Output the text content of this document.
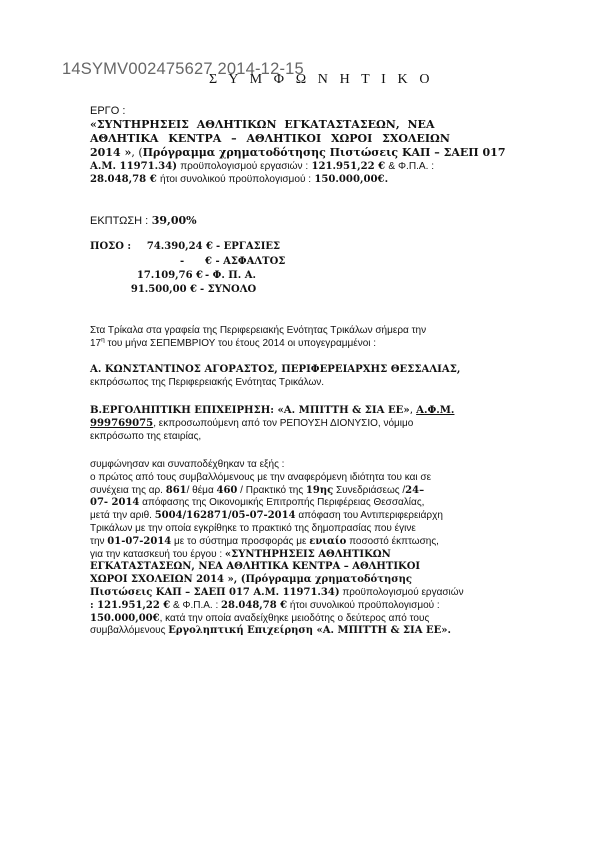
14SYMV002475627 2014-12-15
Σ Υ Μ Φ Ω Ν Η Τ Ι Κ Ο
ΕΡΓΟ :
«ΣΥΝΤΗΡΗΣΕΙΣ ΑΘΛΗΤΙΚΩΝ ΕΓΚΑΤΑΣΤΑΣΕΩΝ, ΝΕΑ
ΑΘΛΗΤΙΚΑ ΚΕΝΤΡΑ – ΑΘΛΗΤΙΚΟΙ ΧΩΡΟΙ ΣΧΟΛΕΙΩΝ
2014 », (Πρόγραμμα χρηματοδότησης Πιστώσεις ΚΑΠ – ΣΑΕΠ 017
Α.Μ. 11971.34) προϋπολογισμού εργασιών : 121.951,22 € & Φ.Π.Α. :
28.048,78 € ήτοι συνολικού προϋπολογισμού : 150.000,00€.
ΕΚΠΤΩΣΗ : 39,00%
ΠΟΣΟ :	74.390,24 € - ΕΡΓΑΣΙΕΣ
- € - ΑΣΦΑΛΤΟΣ
17.109,76 € - Φ. Π. Α.
91.500,00 € - ΣΥΝΟΛΟ
Στα Τρίκαλα στα γραφεία της Περιφερειακής Ενότητας Τρικάλων σήμερα την
$17^\eta$ του μήνα ΣΕΠΕΜΒΡΙΟΥ του έτους 2014 οι υπογεγραμμένοι :
Α. ΚΩΝΣΤΑΝΤΙΝΟΣ ΑΓΟΡΑΣΤΟΣ, ΠΕΡΙΦΕΡΕΙΑΡΧΗΣ ΘΕΣΣΑΛΙΑΣ,
εκπρόσωπος της Περιφερειακής Ενότητας Τρικάλων.
Β.ΕΡΓΟΛΗΠΤΙΚΗ ΕΠΙΧΕΙΡΗΣΗ: «Α. ΜΠΙΤΤΗ & ΣΙΑ ΕΕ», Α.Φ.Μ.
999769075, εκπροσωπούμενη από τον ΡΕΠΟΥΣΗ ΔΙΟΝΥΣΙΟ, νόμιμο
εκπρόσωπο της εταιρίας,
συμφώνησαν και συναποδέχθηκαν τα εξής :
ο πρώτος από τους συμβαλλόμενους με την αναφερόμενη ιδιότητα του και σε
συνέχεια της αρ. 861/ θέμα 460 / Πρακτικό της 19ης Συνεδριάσεως /24–
07- 2014 απόφασης της Οικονομικής Επιτροπής Περιφέρειας Θεσσαλίας,
μετά την αριθ. 5004/162871/05-07-2014 απόφαση του Αντιπεριφερειάρχη
Τρικάλων με την οποία εγκρίθηκε το πρακτικό της δημοπρασίας που έγινε
την 01-07-2014 με το σύστημα προσφοράς με ενιαίο ποσοστό έκπτωσης,
για την κατασκευή του έργου : «ΣΥΝΤΗΡΗΣΕΙΣ ΑΘΛΗΤΙΚΩΝ
ΕΓΚΑΤΑΣΤΑΣΕΩΝ, ΝΕΑ ΑΘΛΗΤΙΚΑ ΚΕΝΤΡΑ – ΑΘΛΗΤΙΚΟΙ
ΧΩΡΟΙ ΣΧΟΛΕΙΩΝ 2014 », (Πρόγραμμα χρηματοδότησης
Πιστώσεις ΚΑΠ – ΣΑΕΠ 017 Α.Μ. 11971.34) προϋπολογισμού εργασιών
: 121.951,22 € & Φ.Π.Α. : 28.048,78 € ήτοι συνολικού προϋπολογισμού :
150.000,00€, κατά την οποία αναδείχθηκε μειοδότης ο δεύτερος από τους
συμβαλλόμενους Εργοληπτική Επιχείρηση «Α. ΜΠΙΤΤΗ & ΣΙΑ ΕΕ».
